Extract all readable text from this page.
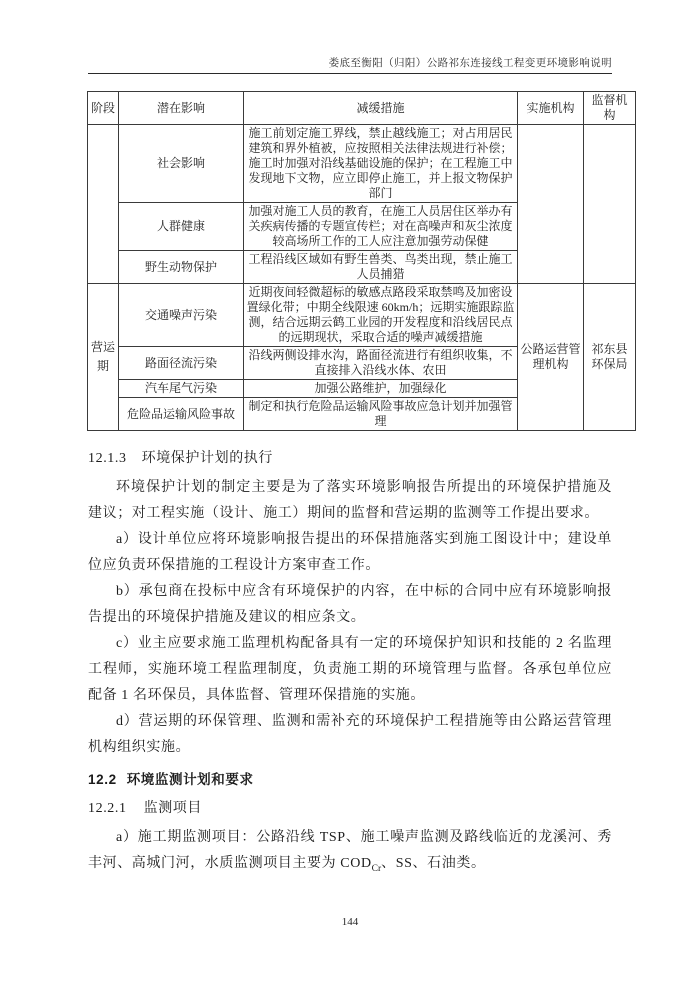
娄底至衡阳（归阳）公路祁东连接线工程变更环境影响说明
阶段	潜在影响	减缓措施	实施机构	监督机构
	社会影响	施工前划定施工界线，禁止越线施工；对占用居民建筑和界外植被，应按照相关法律法规进行补偿；施工时加强对沿线基础设施的保护；在工程施工中发现地下文物，应立即停止施工，并上报文物保护部门		
	人群健康	加强对施工人员的教育，在施工人员居住区举办有关疾病传播的专题宣传栏；对在高噪声和灰尘浓度较高场所工作的工人应注意加强劳动保健		
	野生动物保护	工程沿线区域如有野生兽类、鸟类出现，禁止施工人员捕猎		
营运期	交通噪声污染	近期夜间轻微超标的敏感点路段采取禁鸣及加密设置绿化带；中期全线限速 60km/h；远期实施跟踪监测，结合远期云鹤工业园的开发程度和沿线居民点的远期现状，采取合适的噪声减缓措施	公路运营管理机构	祁东县环保局
	路面径流污染	沿线两侧设排水沟，路面径流进行有组织收集，不直接排入沿线水体、农田		
	汽车尾气污染	加强公路维护，加强绿化		
	危险品运输风险事故	制定和执行危险品运输风险事故应急计划并加强管理		
12.1.3 环境保护计划的执行

环境保护计划的制定主要是为了落实环境影响报告所提出的环境保护措施及建议；对工程实施（设计、施工）期间的监督和营运期的监测等工作提出要求。

a）设计单位应将环境影响报告提出的环保措施落实到施工图设计中；建设单位应负责环保措施的工程设计方案审查工作。

b）承包商在投标中应含有环境保护的内容，在中标的合同中应有环境影响报告提出的环境保护措施及建议的相应条文。

c）业主应要求施工监理机构配备具有一定的环境保护知识和技能的 2 名监理工程师，实施环境工程监理制度，负责施工期的环境管理与监督。各承包单位应配备 1 名环保员，具体监督、管理环保措施的实施。

d）营运期的环保管理、监测和需补充的环境保护工程措施等由公路运营管理机构组织实施。

12.2 环境监测计划和要求
12.2.1 监测项目

a）施工期监测项目：公路沿线 TSP、施工噪声监测及路线临近的龙溪河、秀丰河、高城门河，水质监测项目主要为 $COD_{Cr}$、SS、石油类。

144
